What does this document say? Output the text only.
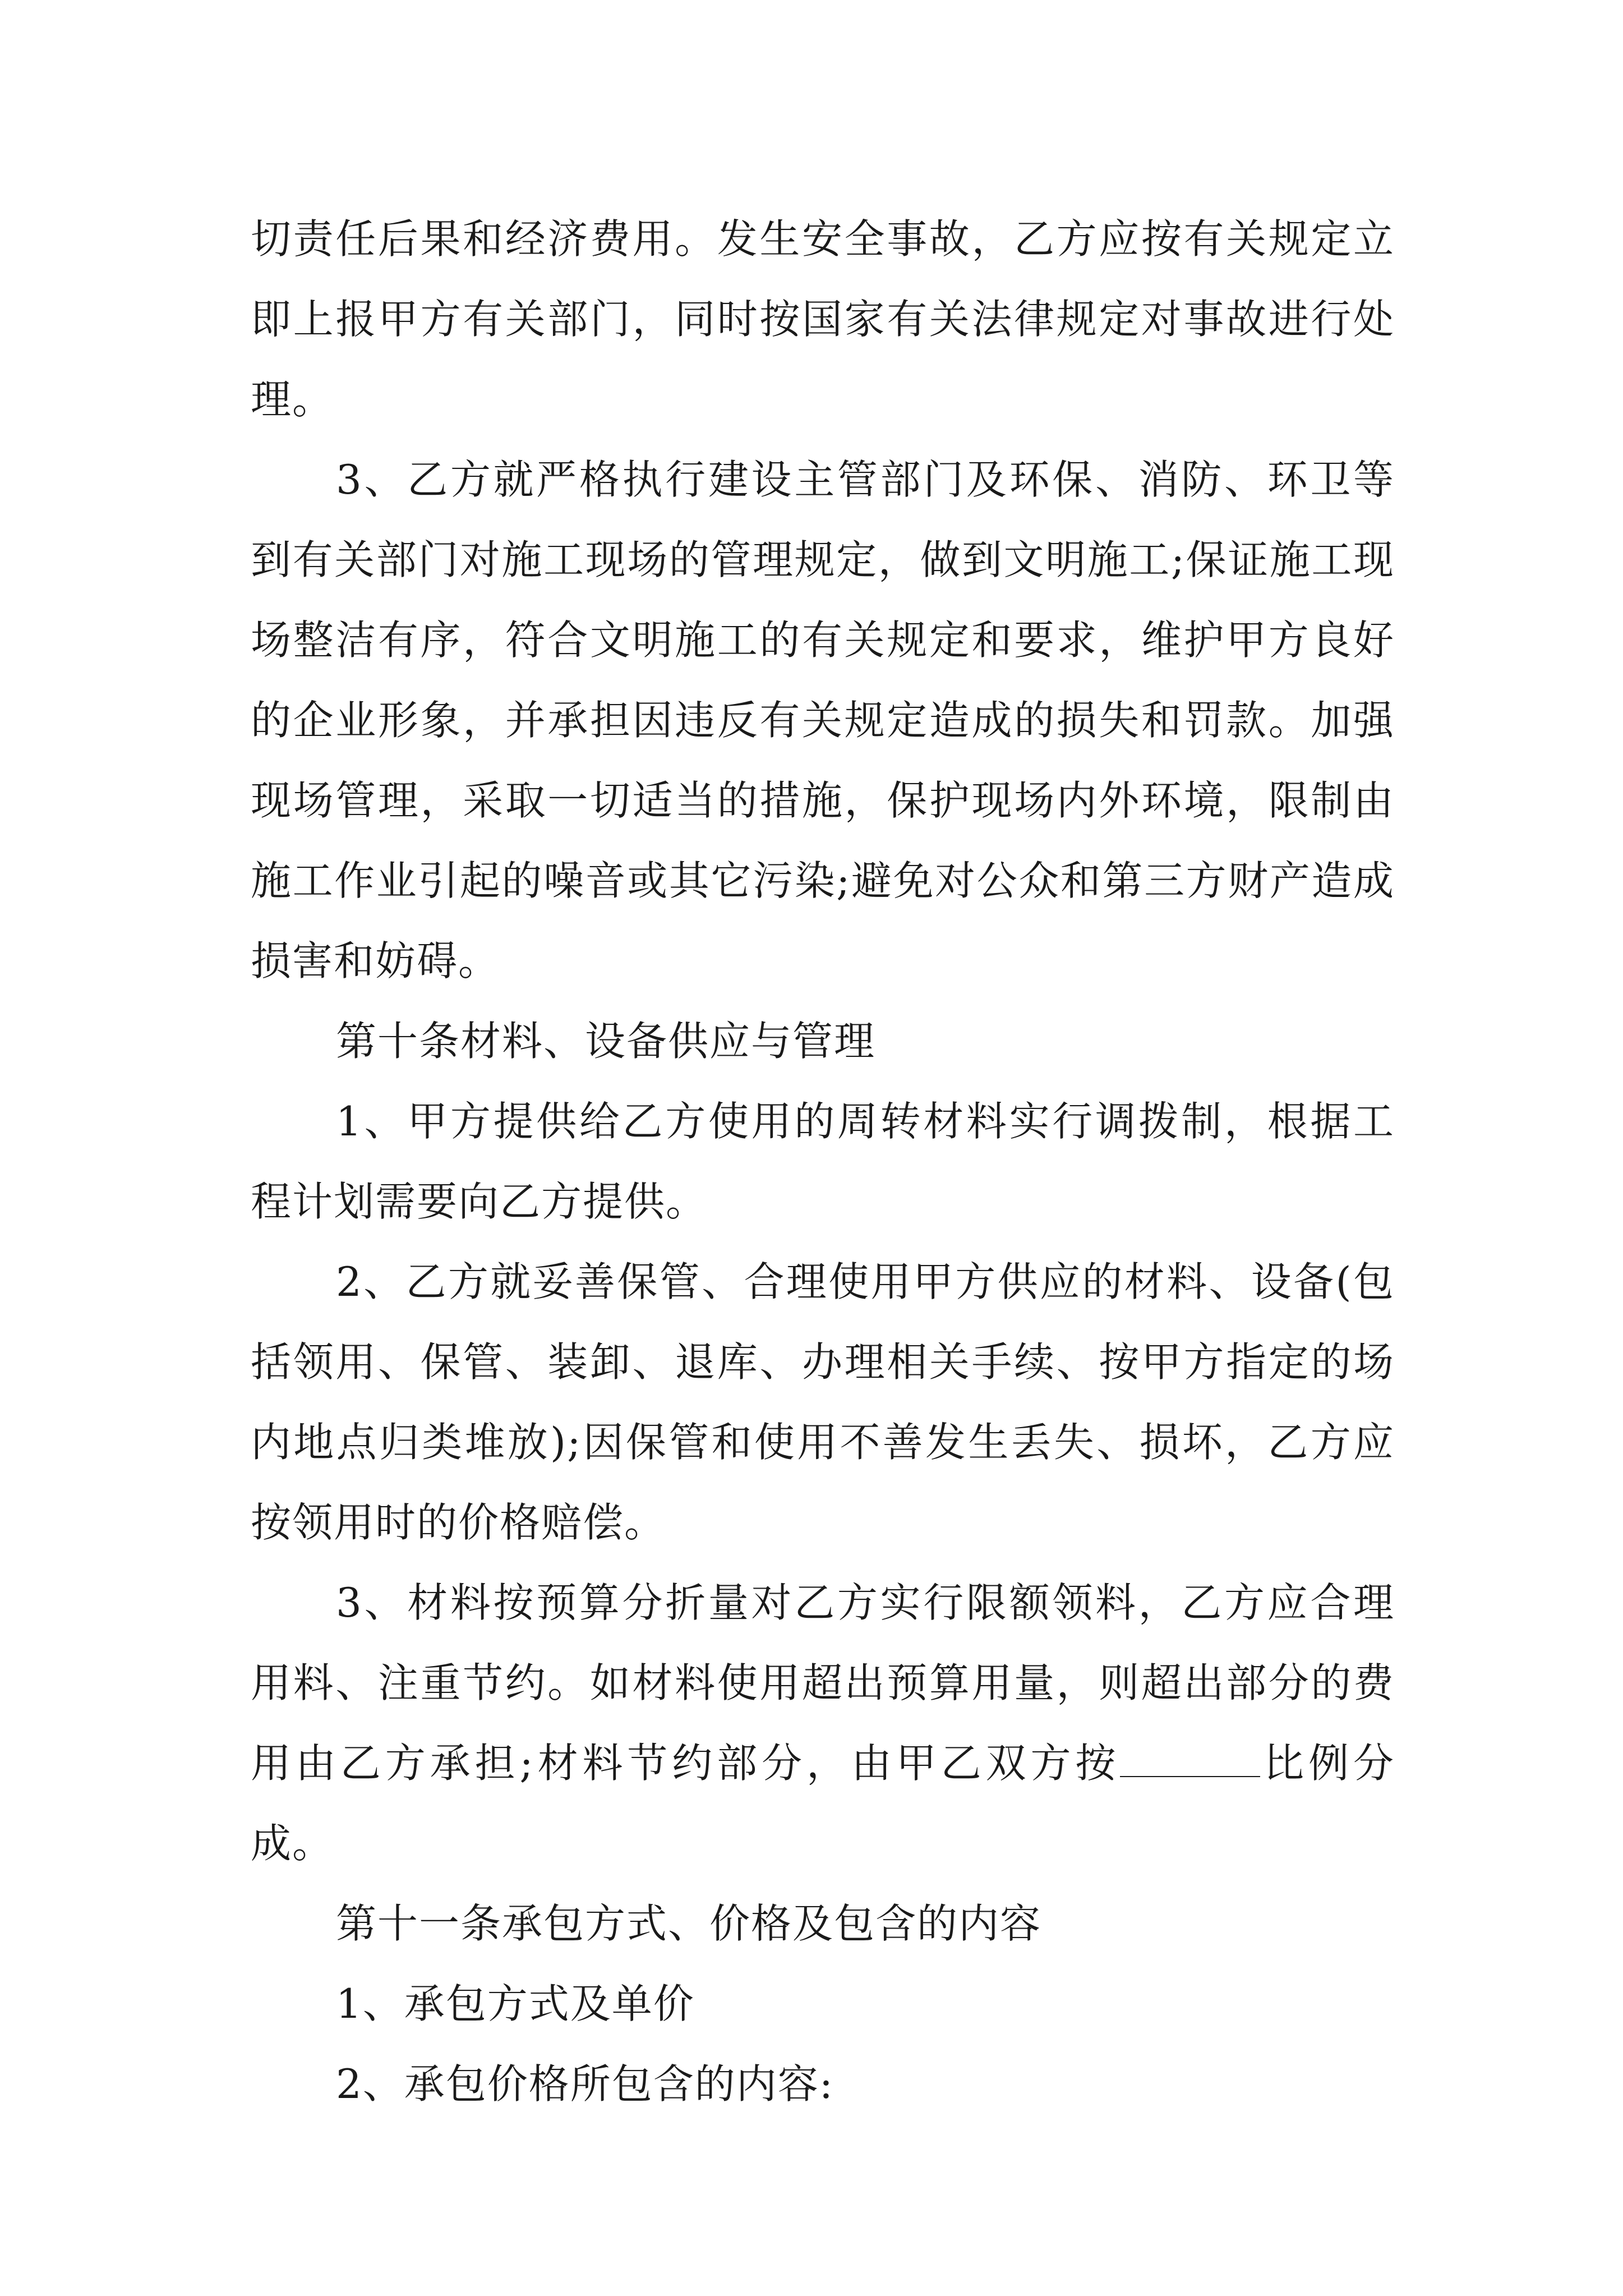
切责任后果和经济费用。发生安全事故，乙方应按有关规定立即上报甲方有关部门，同时按国家有关法律规定对事故进行处理。

3、乙方就严格执行建设主管部门及环保、消防、环卫等到有关部门对施工现场的管理规定，做到文明施工;保证施工现场整洁有序，符合文明施工的有关规定和要求，维护甲方良好的企业形象，并承担因违反有关规定造成的损失和罚款。加强现场管理，采取一切适当的措施，保护现场内外环境，限制由施工作业引起的噪音或其它污染;避免对公众和第三方财产造成损害和妨碍。

第十条材料、设备供应与管理

1、甲方提供给乙方使用的周转材料实行调拨制，根据工程计划需要向乙方提供。

2、乙方就妥善保管、合理使用甲方供应的材料、设备(包括领用、保管、装卸、退库、办理相关手续、按甲方指定的场内地点归类堆放);因保管和使用不善发生丢失、损坏，乙方应按领用时的价格赔偿。

3、材料按预算分折量对乙方实行限额领料，乙方应合理用料、注重节约。如材料使用超出预算用量，则超出部分的费用由乙方承担;材料节约部分，由甲乙双方按	比例分成。

第十一条承包方式、价格及包含的内容

1、承包方式及单价

2、承包价格所包含的内容:
